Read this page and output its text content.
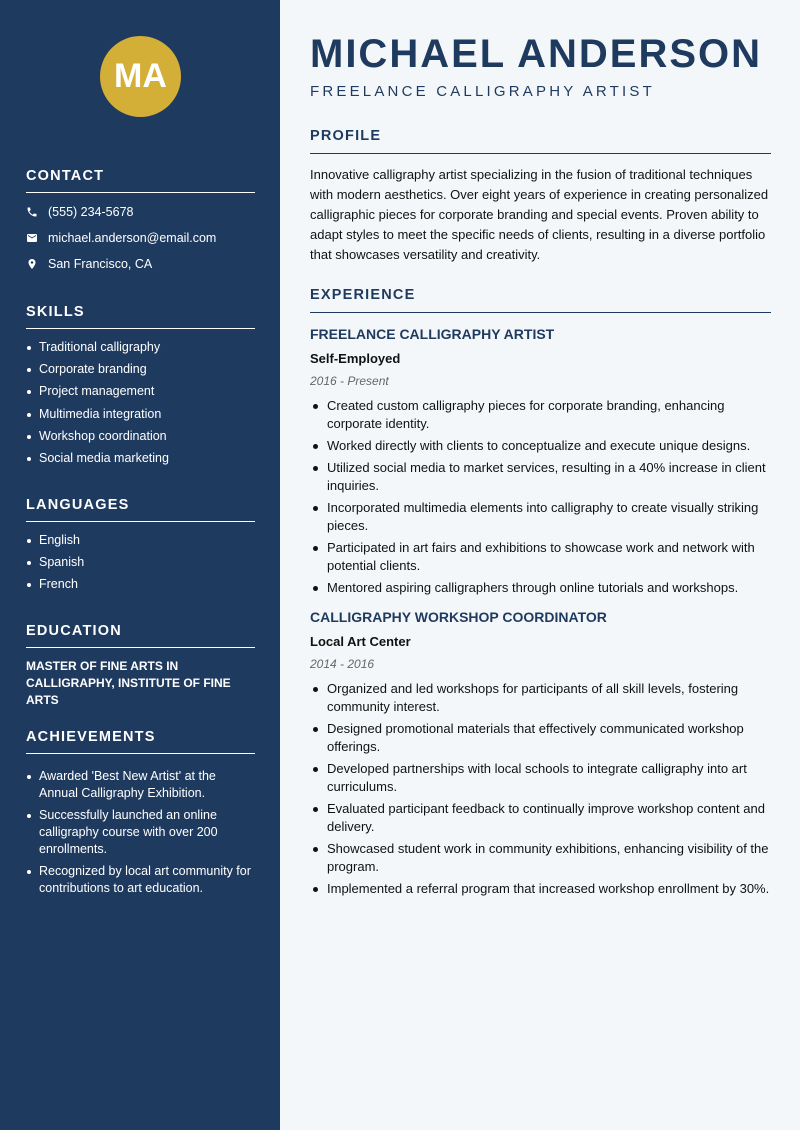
MA
CONTACT
(555) 234-5678
michael.anderson@email.com
San Francisco, CA
SKILLS
Traditional calligraphy
Corporate branding
Project management
Multimedia integration
Workshop coordination
Social media marketing
LANGUAGES
English
Spanish
French
EDUCATION
MASTER OF FINE ARTS IN CALLIGRAPHY, INSTITUTE OF FINE ARTS
ACHIEVEMENTS
Awarded 'Best New Artist' at the Annual Calligraphy Exhibition.
Successfully launched an online calligraphy course with over 200 enrollments.
Recognized by local art community for contributions to art education.
MICHAEL ANDERSON
FREELANCE CALLIGRAPHY ARTIST
PROFILE
Innovative calligraphy artist specializing in the fusion of traditional techniques with modern aesthetics. Over eight years of experience in creating personalized calligraphic pieces for corporate branding and special events. Proven ability to adapt styles to meet the specific needs of clients, resulting in a diverse portfolio that showcases versatility and creativity.
EXPERIENCE
FREELANCE CALLIGRAPHY ARTIST
Self-Employed
2016 - Present
Created custom calligraphy pieces for corporate branding, enhancing corporate identity.
Worked directly with clients to conceptualize and execute unique designs.
Utilized social media to market services, resulting in a 40% increase in client inquiries.
Incorporated multimedia elements into calligraphy to create visually striking pieces.
Participated in art fairs and exhibitions to showcase work and network with potential clients.
Mentored aspiring calligraphers through online tutorials and workshops.
CALLIGRAPHY WORKSHOP COORDINATOR
Local Art Center
2014 - 2016
Organized and led workshops for participants of all skill levels, fostering community interest.
Designed promotional materials that effectively communicated workshop offerings.
Developed partnerships with local schools to integrate calligraphy into art curriculums.
Evaluated participant feedback to continually improve workshop content and delivery.
Showcased student work in community exhibitions, enhancing visibility of the program.
Implemented a referral program that increased workshop enrollment by 30%.
